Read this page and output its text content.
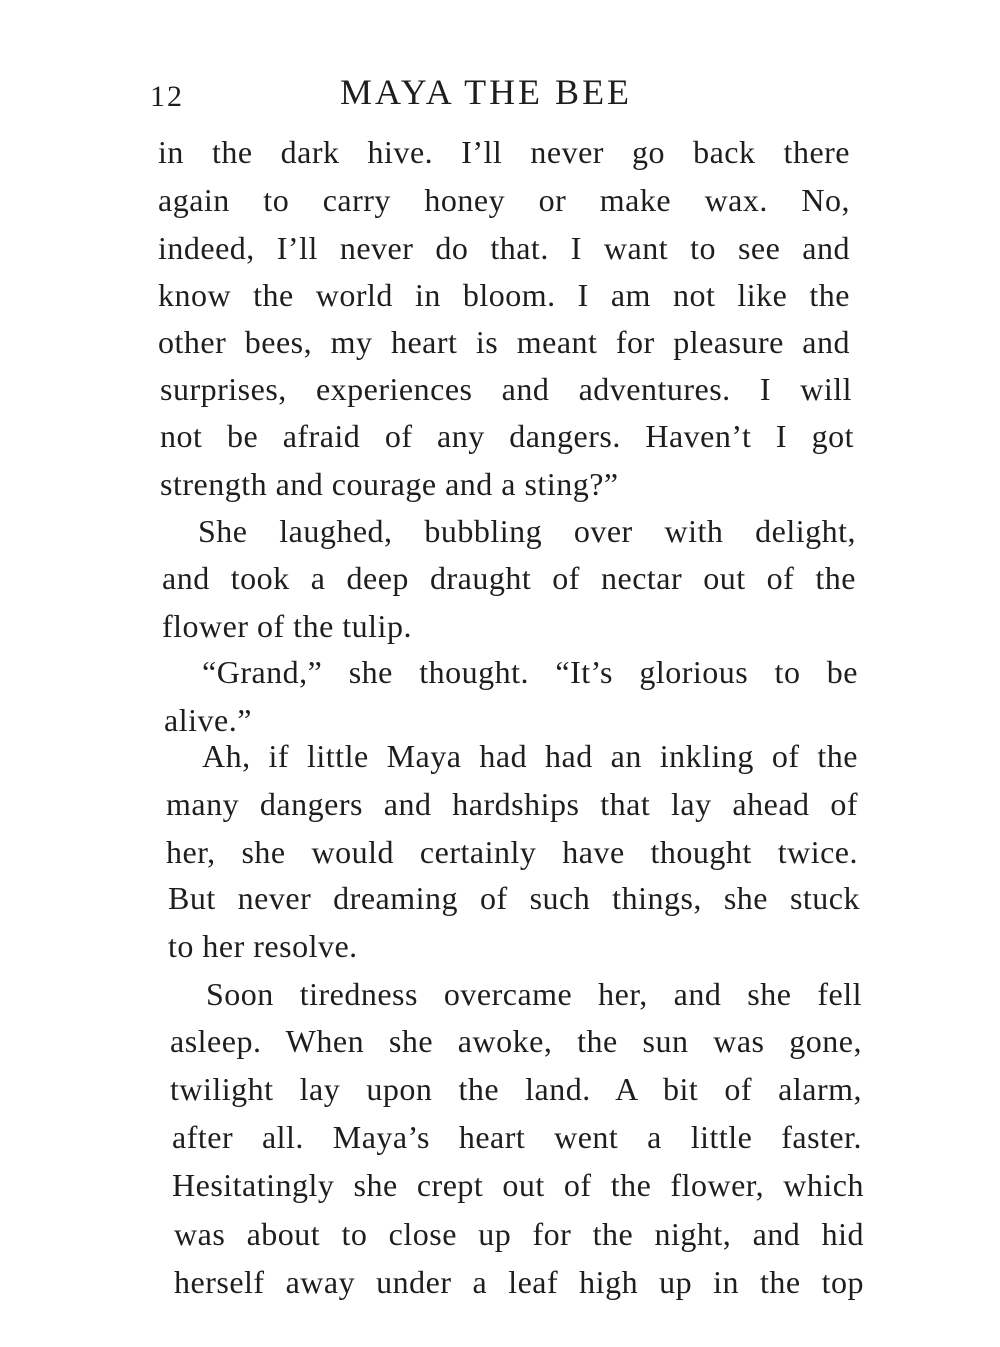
12	MAYA THE BEE
in the dark hive. I’ll never go back there
again to carry honey or make wax. No,
indeed, I’ll never do that. I want to see and
know the world in bloom. I am not like the
other bees, my heart is meant for pleasure and
surprises, experiences and adventures. I will
not be afraid of any dangers. Haven’t I got
strength and courage and a sting?”
She laughed, bubbling over with delight,
and took a deep draught of nectar out of the
flower of the tulip.
“Grand,” she thought. “It’s glorious to be
alive.”
Ah, if little Maya had had an inkling of the
many dangers and hardships that lay ahead of
her, she would certainly have thought twice.
But never dreaming of such things, she stuck
to her resolve.
Soon tiredness overcame her, and she fell
asleep. When she awoke, the sun was gone,
twilight lay upon the land. A bit of alarm,
after all. Maya’s heart went a little faster.
Hesitatingly she crept out of the flower, which
was about to close up for the night, and hid
herself away under a leaf high up in the top
